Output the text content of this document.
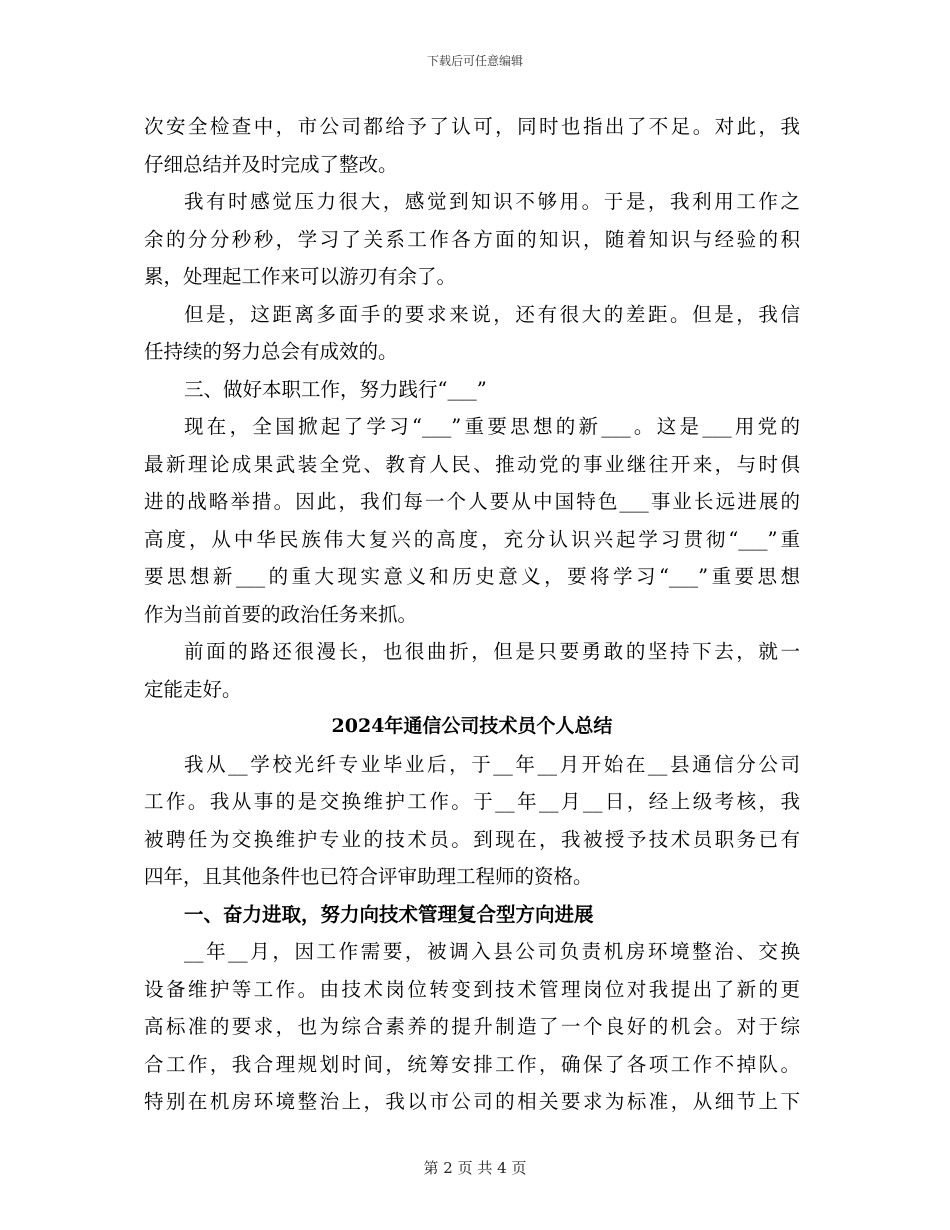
下载后可任意编辑
次安全检查中，市公司都给予了认可，同时也指出了不足。对此，我
仔细总结并及时完成了整改。
我有时感觉压力很大，感觉到知识不够用。于是，我利用工作之
余的分分秒秒，学习了关系工作各方面的知识，随着知识与经验的积
累，处理起工作来可以游刃有余了。
但是，这距离多面手的要求来说，还有很大的差距。但是，我信
任持续的努力总会有成效的。
三、做好本职工作，努力践行“___”
现在，全国掀起了学习“___”重要思想的新___。这是___用党的
最新理论成果武装全党、教育人民、推动党的事业继往开来，与时俱
进的战略举措。因此，我们每一个人要从中国特色___事业长远进展的
高度，从中华民族伟大复兴的高度，充分认识兴起学习贯彻“___”重
要思想新___的重大现实意义和历史意义，要将学习“___”重要思想
作为当前首要的政治任务来抓。
前面的路还很漫长，也很曲折，但是只要勇敢的坚持下去，就一
定能走好。
2024年通信公司技术员个人总结
我从__学校光纤专业毕业后，于__年__月开始在__县通信分公司
工作。我从事的是交换维护工作。于__年__月__日，经上级考核，我
被聘任为交换维护专业的技术员。到现在，我被授予技术员职务已有
四年，且其他条件也已符合评审助理工程师的资格。
一、奋力进取，努力向技术管理复合型方向进展
__年__月，因工作需要，被调入县公司负责机房环境整治、交换
设备维护等工作。由技术岗位转变到技术管理岗位对我提出了新的更
高标准的要求，也为综合素养的提升制造了一个良好的机会。对于综
合工作，我合理规划时间，统筹安排工作，确保了各项工作不掉队。
特别在机房环境整治上，我以市公司的相关要求为标准，从细节上下
第 2 页 共 4 页
